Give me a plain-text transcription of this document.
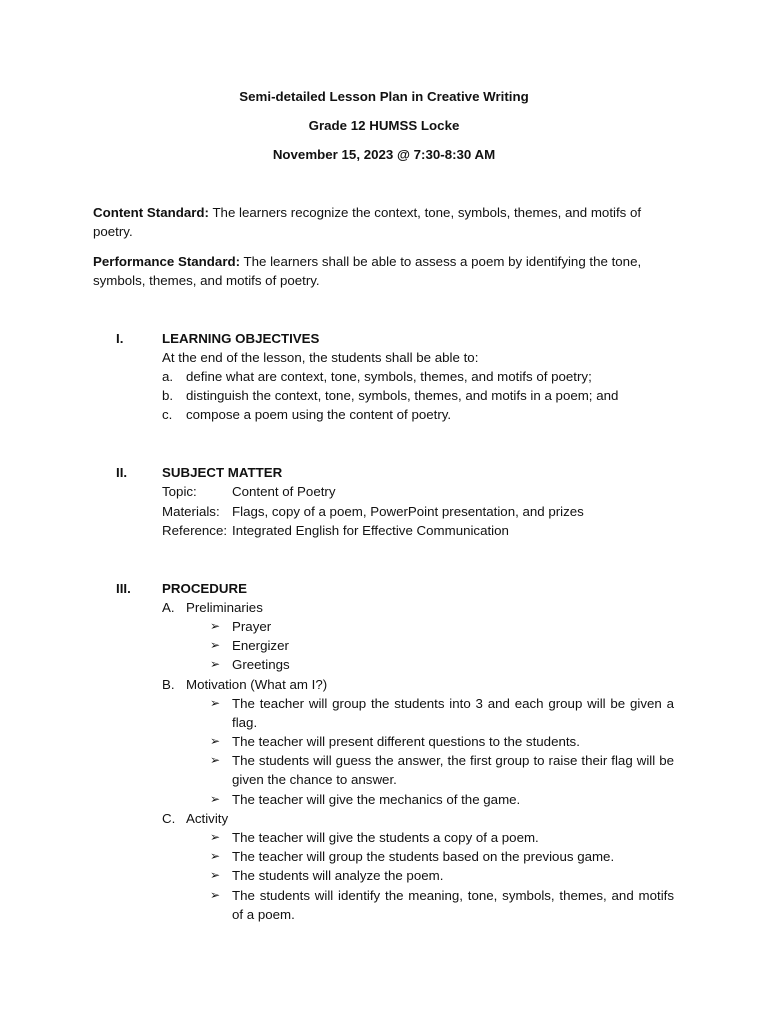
Semi-detailed Lesson Plan in Creative Writing
Grade 12 HUMSS Locke
November 15, 2023 @ 7:30-8:30 AM
Content Standard: The learners recognize the context, tone, symbols, themes, and motifs of poetry.
Performance Standard: The learners shall be able to assess a poem by identifying the tone, symbols, themes, and motifs of poetry.
I.	LEARNING OBJECTIVES
At the end of the lesson, the students shall be able to:
a. define what are context, tone, symbols, themes, and motifs of poetry;
b. distinguish the context, tone, symbols, themes, and motifs in a poem; and
c. compose a poem using the content of poetry.
II.	SUBJECT MATTER
Topic:	Content of Poetry
Materials: Flags, copy of a poem, PowerPoint presentation, and prizes
Reference: Integrated English for Effective Communication
III. PROCEDURE
A. Preliminaries
➢ Prayer
➢ Energizer
➢ Greetings
B. Motivation (What am I?)
➢ The teacher will group the students into 3 and each group will be given a flag.
➢ The teacher will present different questions to the students.
➢ The students will guess the answer, the first group to raise their flag will be given the chance to answer.
➢ The teacher will give the mechanics of the game.
C. Activity
➢ The teacher will give the students a copy of a poem.
➢ The teacher will group the students based on the previous game.
➢ The students will analyze the poem.
➢ The students will identify the meaning, tone, symbols, themes, and motifs of a poem.
